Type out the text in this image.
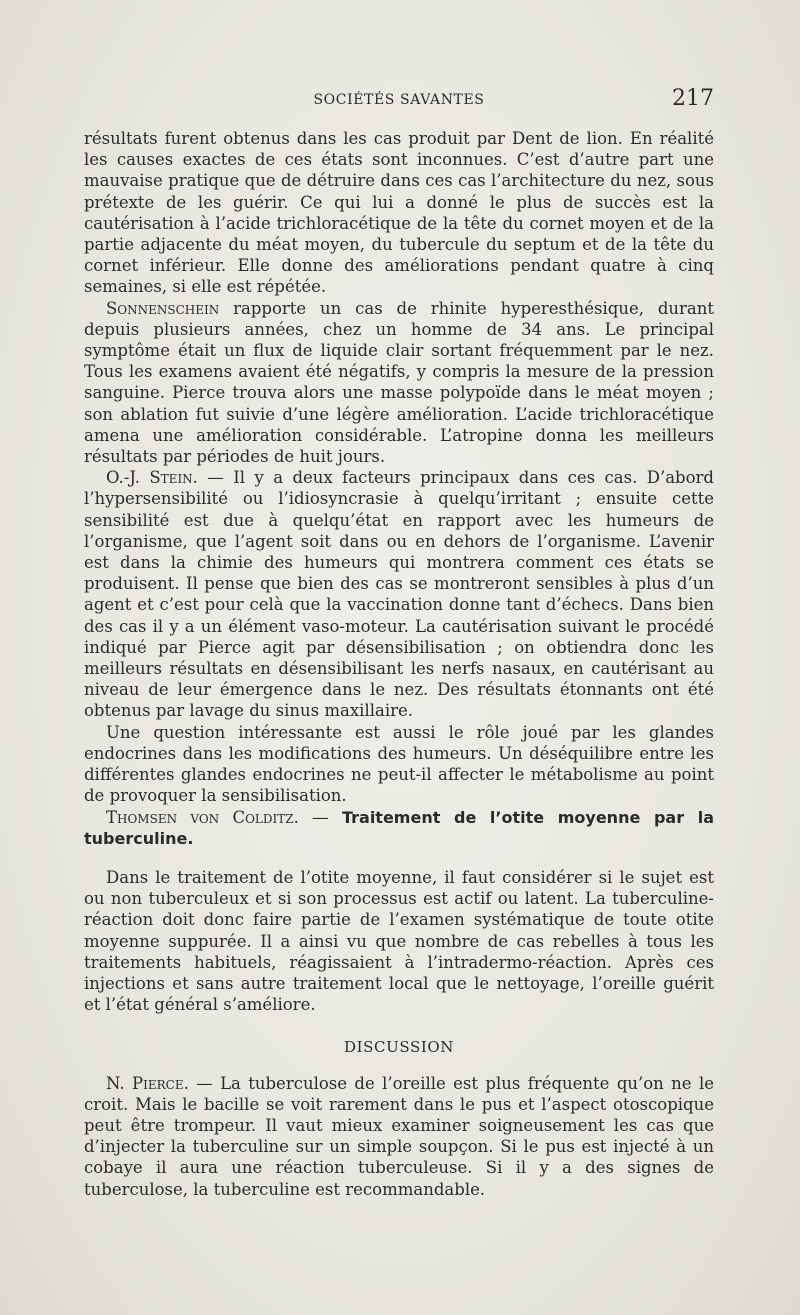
SOCIÉTÉS SAVANTES	217

résultats furent obtenus dans les cas produit par Dent de lion. En réalité les causes exactes de ces états sont inconnues. C’est d’autre part une mauvaise pratique que de détruire dans ces cas l’architecture du nez, sous prétexte de les guérir. Ce qui lui a donné le plus de succès est la cautérisation à l’acide trichloracétique de la tête du cornet moyen et de la partie adjacente du méat moyen, du tubercule du septum et de la tête du cornet inférieur. Elle donne des améliorations pendant quatre à cinq semaines, si elle est répétée.

Sonnenschein rapporte un cas de rhinite hyperesthésique, durant depuis plusieurs années, chez un homme de 34 ans. Le principal symptôme était un flux de liquide clair sortant fréquemment par le nez. Tous les examens avaient été négatifs, y compris la mesure de la pression sanguine. Pierce trouva alors une masse polypoïde dans le méat moyen ; son ablation fut suivie d’une légère amélioration. L’acide trichloracétique amena une amélioration considérable. L’atropine donna les meilleurs résultats par périodes de huit jours.

O.-J. Stein. — Il y a deux facteurs principaux dans ces cas. D’abord l’hypersensibilité ou l’idiosyncrasie à quelqu’irritant ; ensuite cette sensibilité est due à quelqu’état en rapport avec les humeurs de l’organisme, que l’agent soit dans ou en dehors de l’organisme. L’avenir est dans la chimie des humeurs qui montrera comment ces états se produisent. Il pense que bien des cas se montreront sensibles à plus d’un agent et c’est pour celà que la vaccination donne tant d’échecs. Dans bien des cas il y a un élément vaso-moteur. La cautérisation suivant le procédé indiqué par Pierce agit par désensibilisation ; on obtiendra donc les meilleurs résultats en désensibilisant les nerfs nasaux, en cautérisant au niveau de leur émergence dans le nez. Des résultats étonnants ont été obtenus par lavage du sinus maxillaire.

Une question intéressante est aussi le rôle joué par les glandes endocrines dans les modifications des humeurs. Un déséquilibre entre les différentes glandes endocrines ne peut-il affecter le métabolisme au point de provoquer la sensibilisation.

Thomsen von Colditz. — Traitement de l’otite moyenne par la tuberculine.

Dans le traitement de l’otite moyenne, il faut considérer si le sujet est ou non tuberculeux et si son processus est actif ou latent. La tuberculine-réaction doit donc faire partie de l’examen systématique de toute otite moyenne suppurée. Il a ainsi vu que nombre de cas rebelles à tous les traitements habituels, réagissaient à l’intradermo-réaction. Après ces injections et sans autre traitement local que le nettoyage, l’oreille guérit et l’état général s’améliore.

DISCUSSION

N. Pierce. — La tuberculose de l’oreille est plus fréquente qu’on ne le croit. Mais le bacille se voit rarement dans le pus et l’aspect otoscopique peut être trompeur. Il vaut mieux examiner soigneusement les cas que d’injecter la tuberculine sur un simple soupçon. Si le pus est injecté à un cobaye il aura une réaction tuberculeuse. Si il y a des signes de tuberculose, la tuberculine est recommandable.
